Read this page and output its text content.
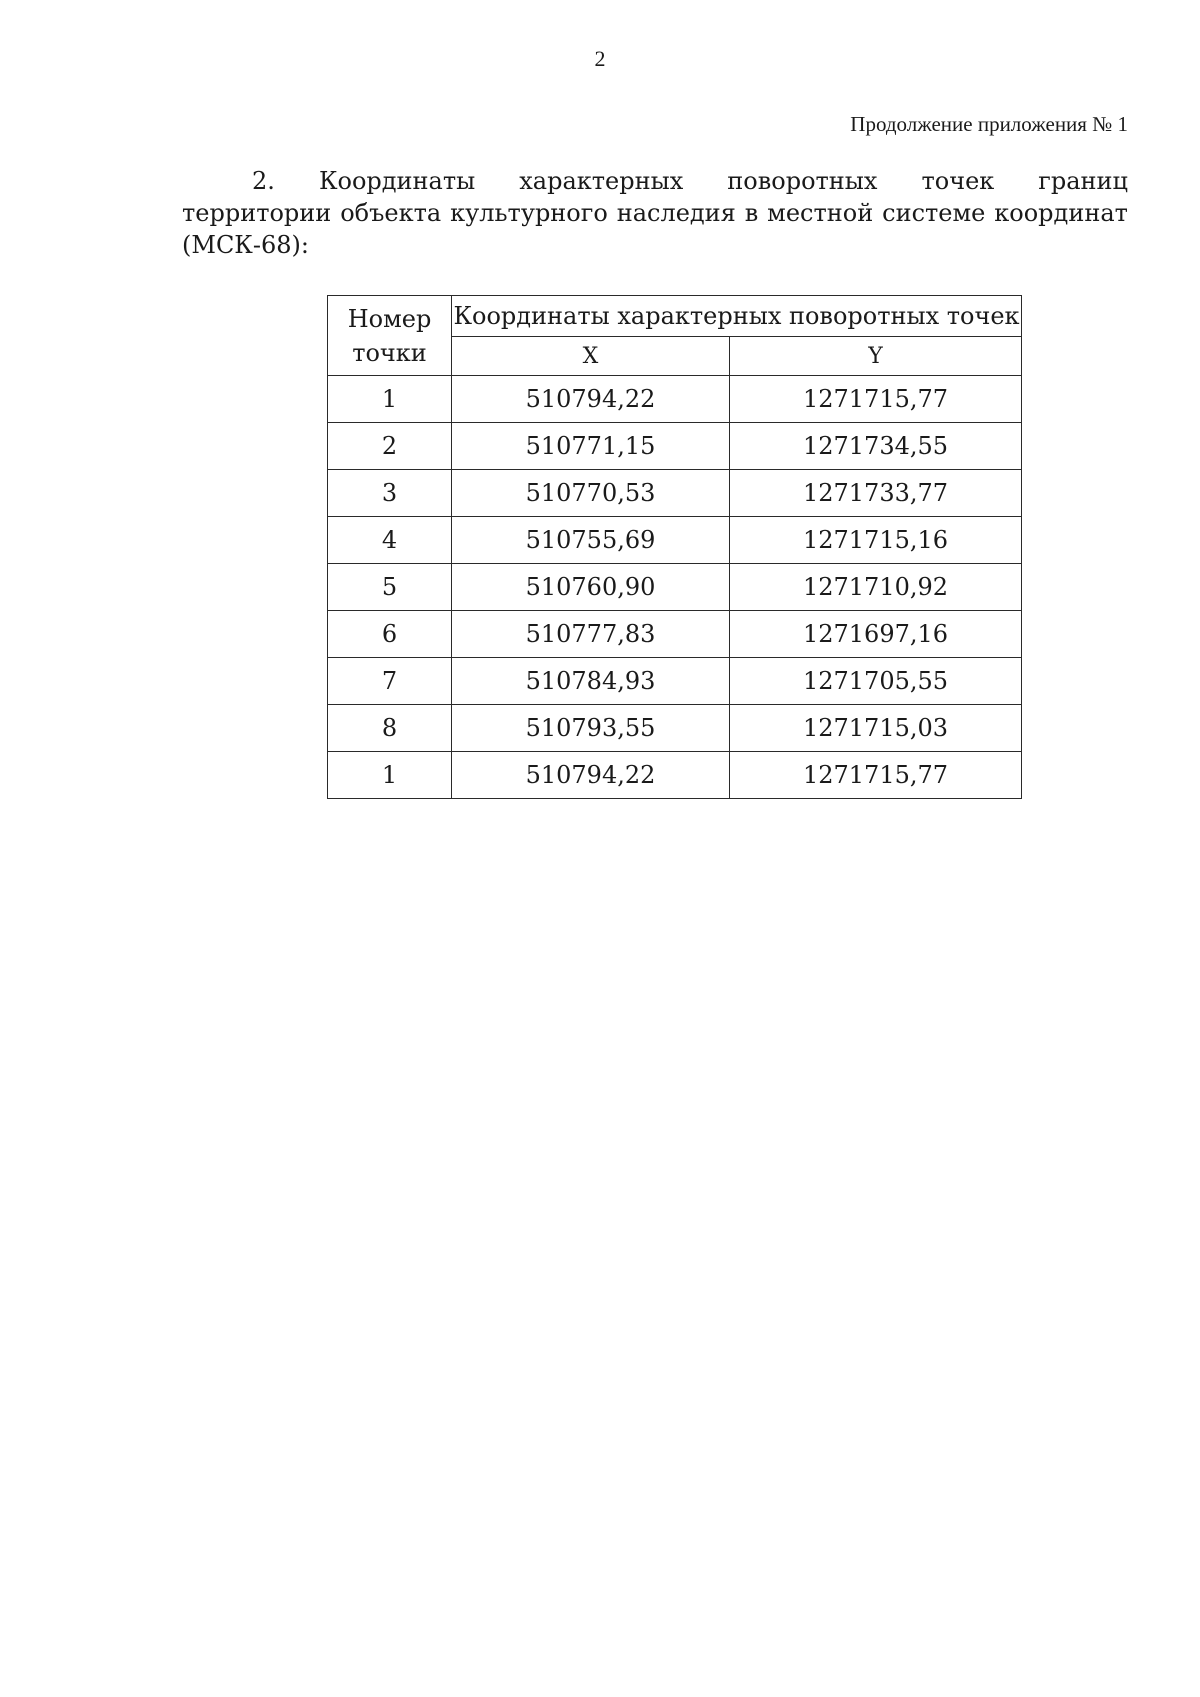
2
Продолжение приложения № 1
2. Координаты характерных поворотных точек границ
территории объекта культурного наследия в местной системе координат
(МСК-68):
Номер точки	Координаты характерных поворотных точек	
	X	Y
1	510794,22	1271715,77
2	510771,15	1271734,55
3	510770,53	1271733,77
4	510755,69	1271715,16
5	510760,90	1271710,92
6	510777,83	1271697,16
7	510784,93	1271705,55
8	510793,55	1271715,03
1	510794,22	1271715,77
